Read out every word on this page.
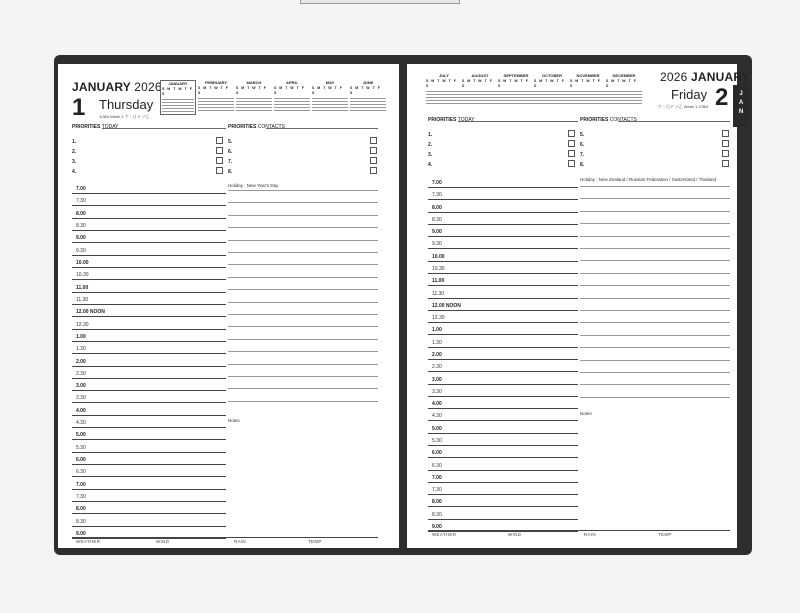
J
A
N
JANUARY 2026
1 Thursday
1/364 Week 1 ケ・日 F ソ乙
2026 JANUARY
2
Friday
ケ・日 F ソ乙 Week 1 2/363
JANUARY
S M T W T F S
FEBRUARY
S M T W T F S
MARCH
S M T W T F S
APRIL
S M T W T F S
MAY
S M T W T F S
JUNE
S M T W T F S
PRIORITIES TODAY	PRIORITIES CONTACTS
1.	5.
2.	6.
3.	7.
4.	8.
7.00
7.30
8.00
8.30
9.00
9.30
10.00
10.30
11.00
11.30
12.00 NOON
12.30
1.00
1.30
2.00
2.30
3.00
3.30
4.00
4.30
5.00
5.30
6.00
6.30
7.00
7.30
8.00
8.30
9.00
Holiday : New Year's Day
Notes
WEATHER	WIND	RAIN	TEMP
JULY
S M T W T F S
AUGUST
S M T W T F S
SEPTEMBER
S M T W T F S
OCTOBER
S M T W T F S
NOVEMBER
S M T W T F S
DECEMBER
S M T W T F S
PRIORITIES TODAY	PRIORITIES CONTACTS
1.	5.
2.	6.
3.	7.
4.	8.
7.00
7.30
8.00
8.30
9.00
9.30
10.00
10.30
11.00
11.30
12.00 NOON
12.30
1.00
1.30
2.00
2.30
3.00
3.30
4.00
4.30
5.00
5.30
6.00
6.30
7.00
7.30
8.00
8.30
9.00
Holiday : New Zealand / Russian Federation / Switzerland / Thailand
Notes
WEATHER	WIND	RAIN	TEMP
